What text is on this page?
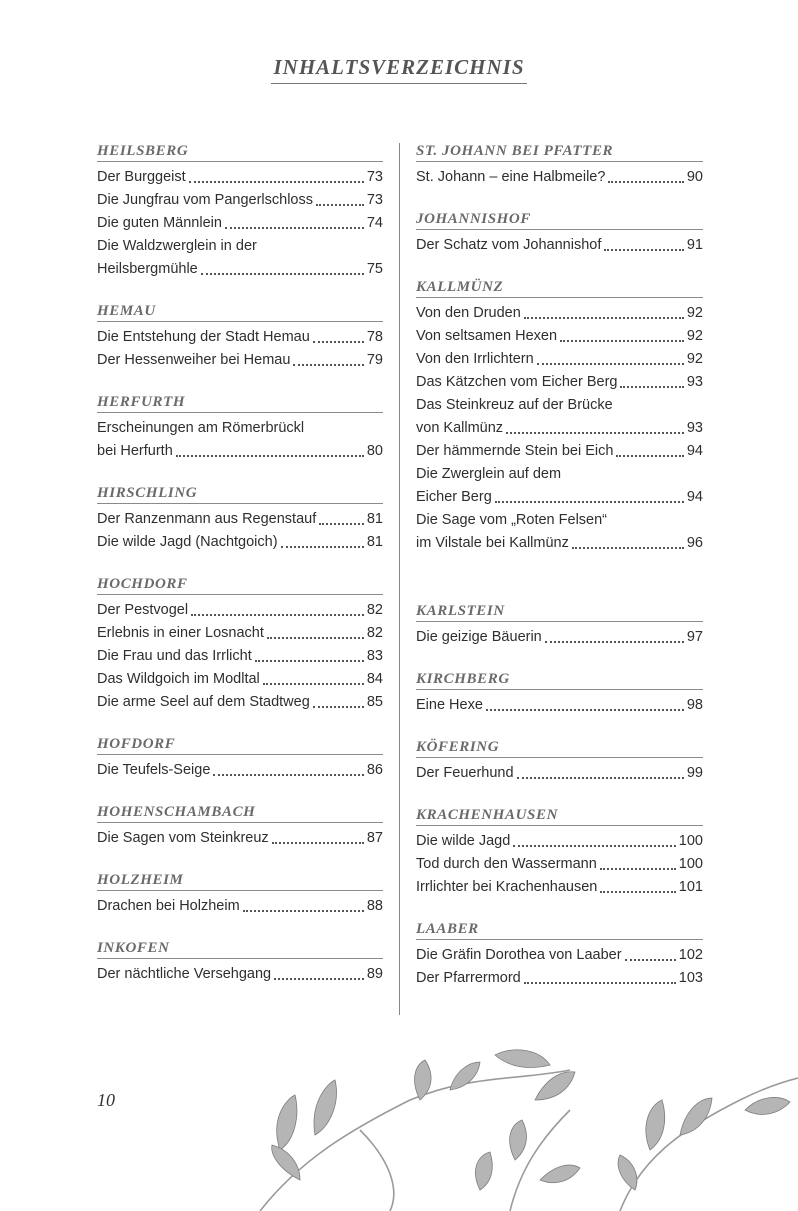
INHALTSVERZEICHNIS
HEILSBERG
Der Burggeist	73
Die Jungfrau vom Pangerlschloss	73
Die guten Männlein	74
Die Waldzwerglein in der
Heilsbergmühle	75
HEMAU
Die Entstehung der Stadt Hemau	78
Der Hessenweiher bei Hemau	79
HERFURTH
Erscheinungen am Römerbrückl
bei Herfurth	80
HIRSCHLING
Der Ranzenmann aus Regenstauf	81
Die wilde Jagd (Nachtgoich)	81
HOCHDORF
Der Pestvogel	82
Erlebnis in einer Losnacht	82
Die Frau und das Irrlicht	83
Das Wildgoich im Modltal	84
Die arme Seel auf dem Stadtweg	85
HOFDORF
Die Teufels-Seige	86
HOHENSCHAMBACH
Die Sagen vom Steinkreuz	87
HOLZHEIM
Drachen bei Holzheim	88
INKOFEN
Der nächtliche Versehgang	89
ST. JOHANN BEI PFATTER
St. Johann – eine Halbmeile?	90
JOHANNISHOF
Der Schatz vom Johannishof	91
KALLMÜNZ
Von den Druden	92
Von seltsamen Hexen	92
Von den Irrlichtern	92
Das Kätzchen vom Eicher Berg	93
Das Steinkreuz auf der Brücke
von Kallmünz	93
Der hämmernde Stein bei Eich	94
Die Zwerglein auf dem
Eicher Berg	94
Die Sage vom „Roten Felsen“
im Vilstale bei Kallmünz	96
KARLSTEIN
Die geizige Bäuerin	97
KIRCHBERG
Eine Hexe	98
KÖFERING
Der Feuerhund	99
KRACHENHAUSEN
Die wilde Jagd	100
Tod durch den Wassermann	100
Irrlichter bei Krachenhausen	101
LAABER
Die Gräfin Dorothea von Laaber	102
Der Pfarrermord	103
10
